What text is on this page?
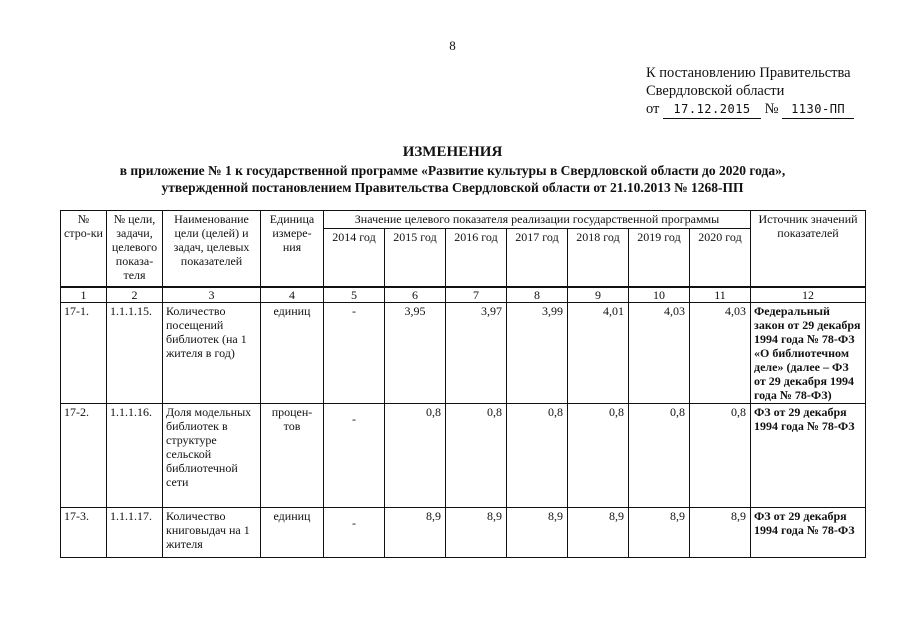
8
К постановлению Правительства
Свердловской области
от 17.12.2015 № 1130-ПП
ИЗМЕНЕНИЯ
в приложение № 1 к государственной программе «Развитие культуры в Свердловской области до 2020 года»,
утвержденной постановлением Правительства Свердловской области от 21.10.2013 № 1268-ПП
№ стро-ки	№ цели, задачи, целевого показа-теля	Наименование цели (целей) и задач, целевых показателей	Единица измере-ния	Значение целевого показателя реализации государственной программы							Источник значений показателей
				2014 год	2015 год	2016 год	2017 год	2018 год	2019 год	2020 год	
1	2	3	4	5	6	7	8	9	10	11	12
17-1.	1.1.1.15.	Количество посещений библиотек (на 1 жителя в год)	единиц	-	3,95	3,97	3,99	4,01	4,03	4,03	Федеральный закон от 29 декабря 1994 года № 78-ФЗ «О библиотечном деле» (далее – ФЗ от 29 декабря 1994 года № 78-ФЗ)
17-2.	1.1.1.16.	Доля модельных библиотек в структуре сельской библиотечной сети	процен-тов	-	0,8	0,8	0,8	0,8	0,8	0,8	ФЗ от 29 декабря 1994 года № 78-ФЗ
17-3.	1.1.1.17.	Количество книговыдач на 1 жителя	единиц	-	8,9	8,9	8,9	8,9	8,9	8,9	ФЗ от 29 декабря 1994 года № 78-ФЗ
